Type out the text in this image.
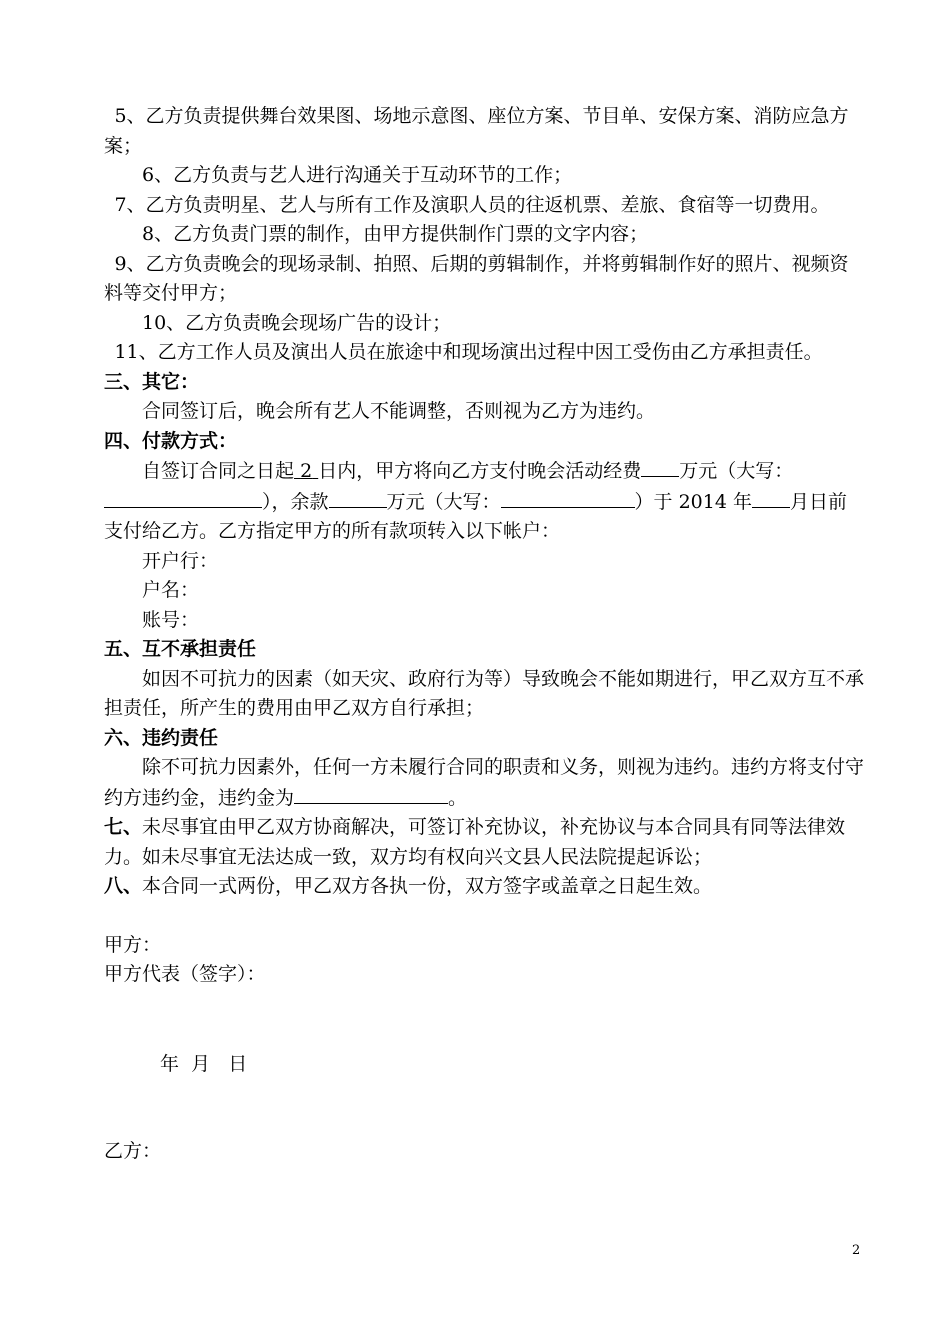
5、乙方负责提供舞台效果图、场地示意图、座位方案、节目单、安保方案、消防应急方案；

6、乙方负责与艺人进行沟通关于互动环节的工作；

7、乙方负责明星、艺人与所有工作及演职人员的往返机票、差旅、食宿等一切费用。

8、乙方负责门票的制作，由甲方提供制作门票的文字内容；

9、乙方负责晚会的现场录制、拍照、后期的剪辑制作，并将剪辑制作好的照片、视频资料等交付甲方；

10、乙方负责晚会现场广告的设计；

11、乙方工作人员及演出人员在旅途中和现场演出过程中因工受伤由乙方承担责任。

三、其它：

合同签订后，晚会所有艺人不能调整，否则视为乙方为违约。

四、付款方式：

自签订合同之日起 2 日内，甲方将向乙方支付晚会活动经费 万元（大写：），余款	万元（大写：	）于 2014 年 月日前支付给乙方。乙方指定甲方的所有款项转入以下帐户：

开户行：

户名：

账号：

五、互不承担责任

如因不可抗力的因素（如天灾、政府行为等）导致晚会不能如期进行，甲乙双方互不承担责任，所产生的费用由甲乙双方自行承担；

六、违约责任

除不可抗力因素外，任何一方未履行合同的职责和义务，则视为违约。违约方将支付守约方违约金，违约金为	。

七、未尽事宜由甲乙双方协商解决，可签订补充协议，补充协议与本合同具有同等法律效力。如未尽事宜无法达成一致，双方均有权向兴文县人民法院提起诉讼；

八、本合同一式两份，甲乙双方各执一份，双方签字或盖章之日起生效。

甲方：

甲方代表（签字）：

年  月   日

乙方：

2
